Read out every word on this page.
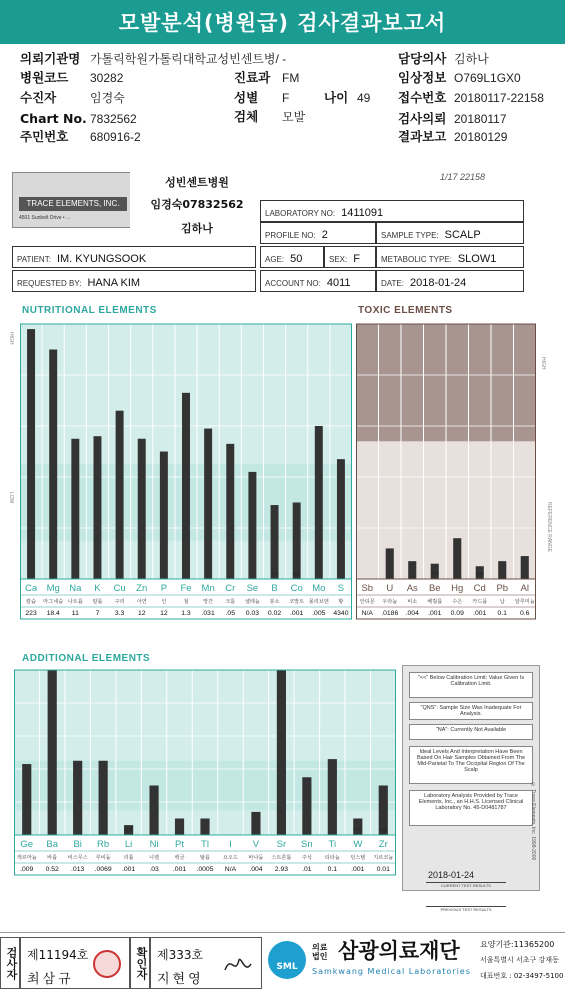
모발분석(병원급) 검사결과보고서
의뢰기관명 가톨릭학원가톨릭대학교성빈센트병/ -	담당의사 김하나
병원코드 30282	진료과 FM	임상정보 O769L1GX0
수진자	임경숙	성별 F	나이 49 접수번호 20180117-22158
Chart No. 7832562	검체 모발	검사의뢰 20180117
주민번호 680916-2	결과보고 20180129
TRACE ELEMENTS, INC.
4501 Sunbelt Drive • ...
성빈센트병원
임경숙07832562
김하나
1/17 22158
LABORATORY NO: 1411091
PROFILE NO: 2	SAMPLE TYPE: SCALP
PATIENT: IM. KYUNGSOOK	AGE: 50	SEX: F	METABOLIC TYPE: SLOW1
REQUESTED BY: HANA KIM	ACCOUNT NO: 4011	DATE: 2018-01-24
NUTRITIONAL ELEMENTS	TOXIC ELEMENTS
ADDITIONAL ELEMENTS
HIGH
LOW
HIGH
REFERENCE RANGE
Ca
칼슘
223
Mg
마그네슘
18.4
Na
나트륨
11
K
칼륨
7
Cu
구리
3.3
Zn
아연
12
P
인
12
Fe
철
1.3
Mn
망간
.031
Cr
크롬
.05
Se
셀레늄
0.03
<<
B
붕소
0.02
<<
Co
코발트
.001
Mo
몰리브덴
.005
S
황
4340
Sb
안티몬
N/A
U
우라늄
.0186
As
비소
.004
<<
Be
베릴륨
.001
Hg
수은
0.09
<<
Cd
카드뮴
.001
Pb
납
0.1
Al
알루미늄
0.6
Ge
게르마늄
.009
Ba
바륨
0.52
Bi
비스무스
.013
Rb
루비듐
.0069
<<
Li
리튬
.001
Ni
니켈
.03
Pt
백금
.001
Tl
탈륨
.0005
I
요오드
N/A
V
바나듐
.004
Sr
스트론튬
2.93
Sn
주석
.01
Ti
티타늄
0.1
<<
W
텅스텐
.001
<<
Zr
지르코늄
0.01
"<<" Below Calibration Limit: Value Given Is Calibration Limit.
"QNS": Sample Size Was Inadequate For Analysis.
"NA": Currently Not Available
Ideal Levels And Interpretation Have Been Based On Hair Samples Obtained From The Mid-Parietal To The Occipital Region Of The Scalp
Laboratory Analysis Provided by Trace Elements, Inc., an H.H.S. Licensed Clinical Laboratory No. 45-D0481787
2018-01-24
CURRENT TEST RESULTS
PREVIOUS TEST RESULTS
© Trace Elements, Inc. 1998-2000
검사자 제11194호
최삼규	확인자 제333호
지현영
SML
의료법인 삼광의료재단
Samkwang Medical Laboratories
요양기관:11365200
서울특별시 서초구 강재동
대표번호 : 02-3497-5100
